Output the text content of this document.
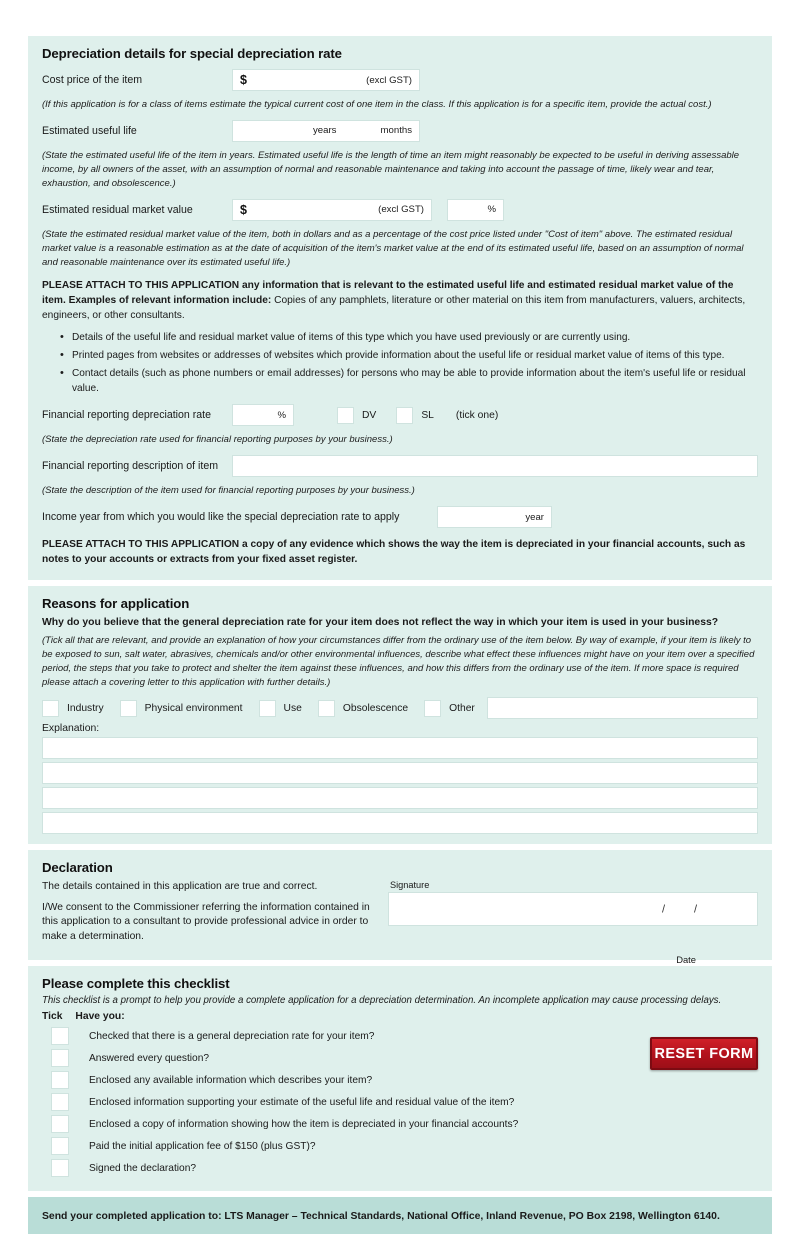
Depreciation details for special depreciation rate
Cost price of the item	$	(excl GST)

(If this application is for a class of items estimate the typical current cost of one item in the class. If this application is for a specific item, provide the actual cost.)

Estimated useful life	years	months

(State the estimated useful life of the item in years. Estimated useful life is the length of time an item might reasonably be expected to be useful in deriving assessable income, by all owners of the asset, with an assumption of normal and reasonable maintenance and taking into account the passage of time, likely wear and tear, exhaustion, and obsolescence.)

Estimated residual market value	$	(excl GST)	%

(State the estimated residual market value of the item, both in dollars and as a percentage of the cost price listed under "Cost of item" above. The estimated residual market value is a reasonable estimation as at the date of acquisition of the item's market value at the end of its estimated useful life, based on an assumption of normal and reasonable maintenance over its estimated useful life.)

PLEASE ATTACH TO THIS APPLICATION any information that is relevant to the estimated useful life and estimated residual market value of the item. Examples of relevant information include: Copies of any pamphlets, literature or other material on this item from manufacturers, valuers, architects, engineers, or other consultants.

• Details of the useful life and residual market value of items of this type which you have used previously or are currently using.
• Printed pages from websites or addresses of websites which provide information about the useful life or residual market value of items of this type.
• Contact details (such as phone numbers or email addresses) for persons who may be able to provide information about the item's useful life or residual value.
Financial reporting depreciation rate	%	DV	SL (tick one)

(State the depreciation rate used for financial reporting purposes by your business.)

Financial reporting description of item

(State the description of the item used for financial reporting purposes by your business.)

Income year from which you would like the special depreciation rate to apply	year

PLEASE ATTACH TO THIS APPLICATION a copy of any evidence which shows the way the item is depreciated in your financial accounts, such as notes to your accounts or extracts from your fixed asset register.

Reasons for application

Why do you believe that the general depreciation rate for your item does not reflect the way in which your item is used in your business?

(Tick all that are relevant, and provide an explanation of how your circumstances differ from the ordinary use of the item below. By way of example, if your item is likely to be exposed to sun, salt water, abrasives, chemicals and/or other environmental influences, describe what effect these influences might have on your item over a specified period, the steps that you take to protect and shelter the item against these influences, and how this differs from the ordinary use of the item. If more space is required please attach a covering letter to this application with further details.)

Industry	Physical environment	Use	Obsolescence	Other

Explanation:

Declaration

The details contained in this application are true and correct.

I/We consent to the Commissioner referring the information contained in this application to a consultant to provide professional advice in order to make a determination.

Signature
/	/
Date
Please complete this checklist

This checklist is a prompt to help you provide a complete application for a depreciation determination. An incomplete application may cause processing delays.

Tick Have you:

Checked that there is a general depreciation rate for your item?
Answered every question?
Enclosed any available information which describes your item?
Enclosed information supporting your estimate of the useful life and residual value of the item?
Enclosed a copy of information showing how the item is depreciated in your financial accounts?
Paid the initial application fee of $150 (plus GST)?
Signed the declaration?
Send your completed application to: LTS Manager – Technical Standards, National Office, Inland Revenue, PO Box 2198, Wellington 6140.
RESET FORM
